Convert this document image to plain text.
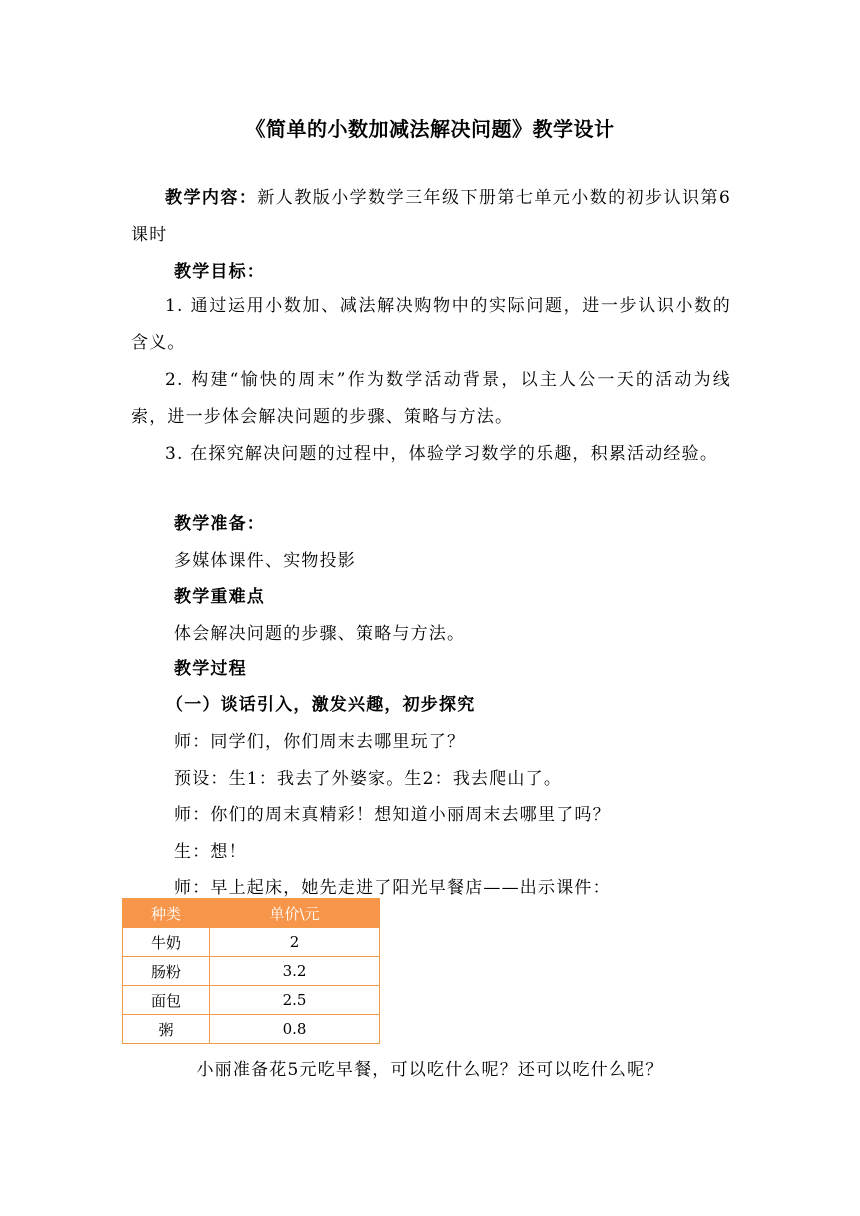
《简单的小数加减法解决问题》教学设计
教学内容：新人教版小学数学三年级下册第七单元小数的初步认识第6课时
教学目标：
1. 通过运用小数加、减法解决购物中的实际问题，进一步认识小数的含义。
2. 构建“愉快的周末”作为数学活动背景，以主人公一天的活动为线索，进一步体会解决问题的步骤、策略与方法。
3. 在探究解决问题的过程中，体验学习数学的乐趣，积累活动经验。
教学准备：
多媒体课件、实物投影
教学重难点
体会解决问题的步骤、策略与方法。
教学过程
（一）谈话引入，激发兴趣，初步探究
师：同学们，你们周末去哪里玩了？
预设：生1：我去了外婆家。生2：我去爬山了。
师：你们的周末真精彩！想知道小丽周末去哪里了吗？
生：想！
师：早上起床，她先走进了阳光早餐店——出示课件：
种类	单价\元
牛奶	2
肠粉	3.2
面包	2.5
粥	0.8
小丽准备花5元吃早餐，可以吃什么呢？还可以吃什么呢？
